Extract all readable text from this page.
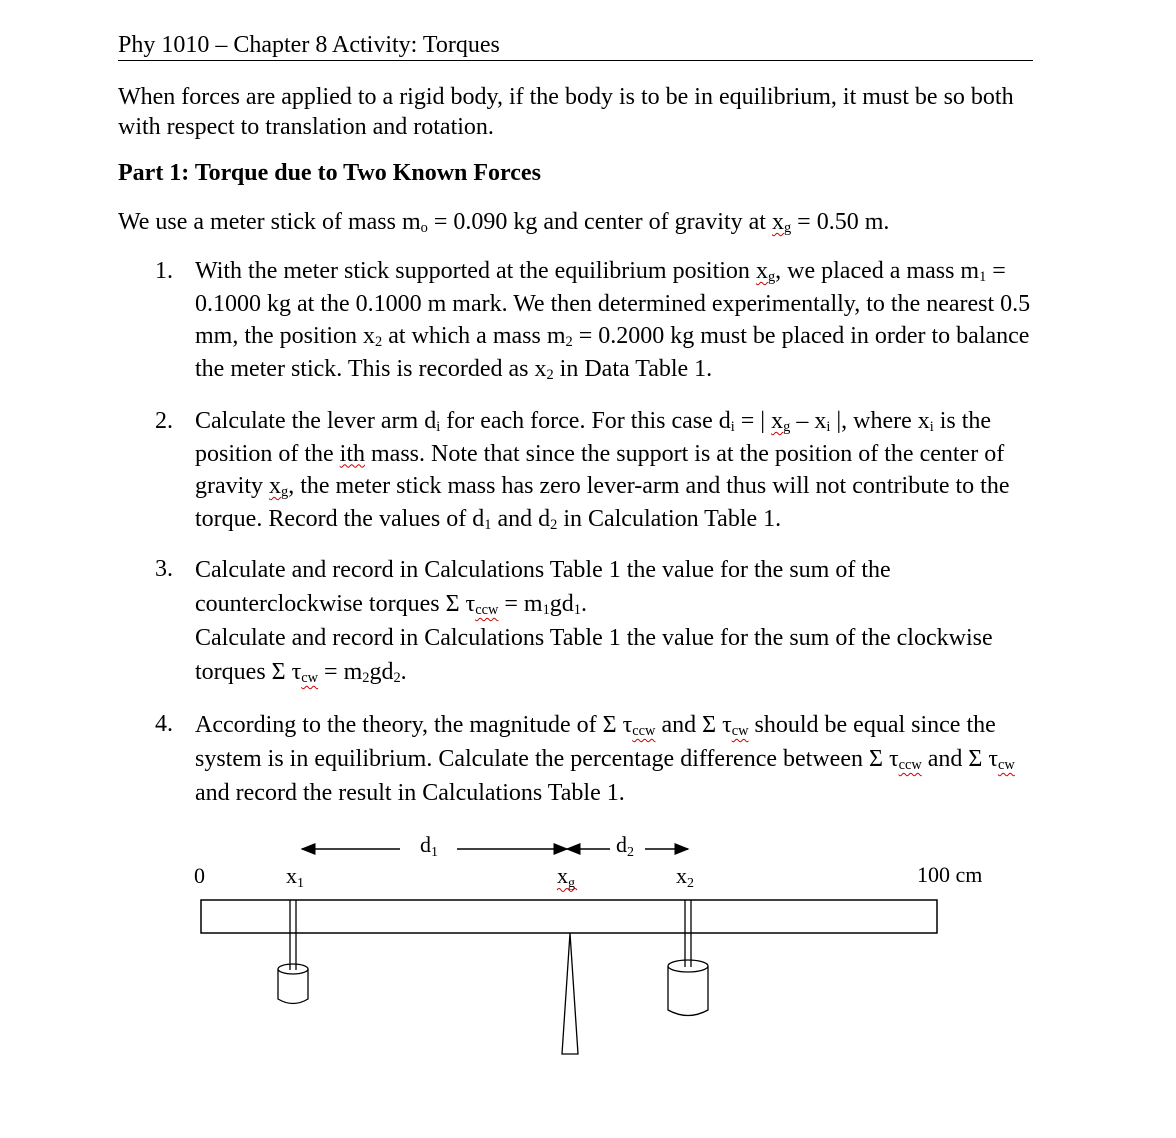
Phy 1010 – Chapter 8 Activity: Torques
When forces are applied to a rigid body, if the body is to be in equilibrium, it must be so both with respect to translation and rotation.
Part 1: Torque due to Two Known Forces
We use a meter stick of mass $m_o = 0.090$ kg and center of gravity at $x_g = 0.50$ m.
1. With the meter stick supported at the equilibrium position $x_g$, we placed a mass $m_1 = 0.1000$ kg at the 0.1000 m mark. We then determined experimentally, to the nearest 0.5 mm, the position $x_2$ at which a mass $m_2 = 0.2000$ kg must be placed in order to balance the meter stick. This is recorded as $x_2$ in Data Table 1.
2. Calculate the lever arm $d_i$ for each force. For this case $d_i$ = | $x_g - x_i$ |, where $x_i$ is the position of the ith mass. Note that since the support is at the position of the center of gravity $x_g$, the meter stick mass has zero lever-arm and thus will not contribute to the torque. Record the values of $d_1$ and $d_2$ in Calculation Table 1.
3. Calculate and record in Calculations Table 1 the value for the sum of the counterclockwise torques Σ $\tau_{ccw} = m_1gd_1$.

Calculate and record in Calculations Table 1 the value for the sum of the clockwise torques Σ $\tau_{cw} = m_2gd_2$.

4. According to the theory, the magnitude of Σ $\tau_{ccw}$ and Σ $\tau_{cw}$ should be equal since the system is in equilibrium. Calculate the percentage difference between Σ $\tau_{ccw}$ and Σ $\tau_{cw}$ and record the result in Calculations Table 1.
d1	d2
0	x1	xg	x2	100 cm
